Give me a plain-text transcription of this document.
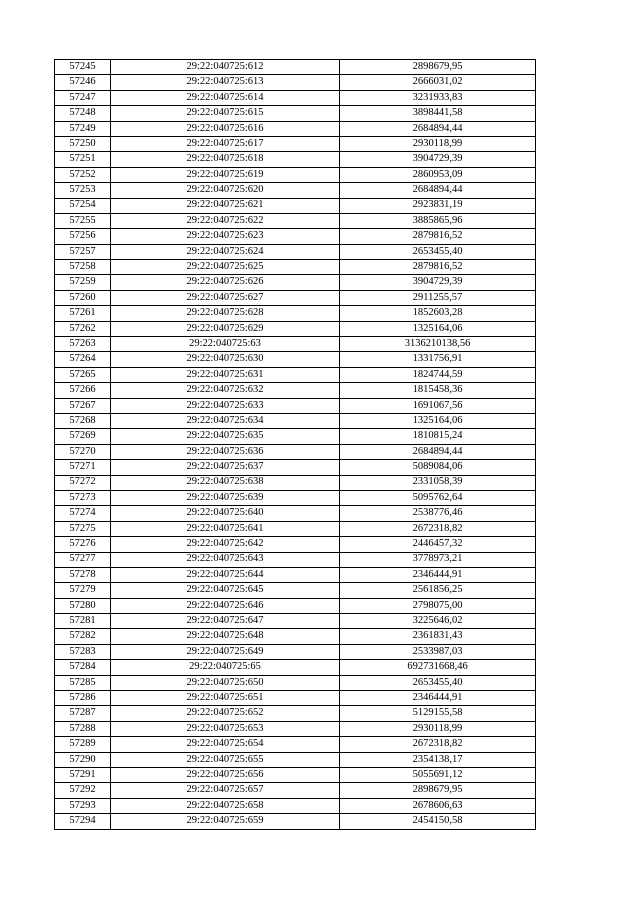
57245	29:22:040725:612	2898679,95
57246	29:22:040725:613	2666031,02
57247	29:22:040725:614	3231933,83
57248	29:22:040725:615	3898441,58
57249	29:22:040725:616	2684894,44
57250	29:22:040725:617	2930118,99
57251	29:22:040725:618	3904729,39
57252	29:22:040725:619	2860953,09
57253	29:22:040725:620	2684894,44
57254	29:22:040725:621	2923831,19
57255	29:22:040725:622	3885865,96
57256	29:22:040725:623	2879816,52
57257	29:22:040725:624	2653455,40
57258	29:22:040725:625	2879816,52
57259	29:22:040725:626	3904729,39
57260	29:22:040725:627	2911255,57
57261	29:22:040725:628	1852603,28
57262	29:22:040725:629	1325164,06
57263	29:22:040725:63	3136210138,56
57264	29:22:040725:630	1331756,91
57265	29:22:040725:631	1824744,59
57266	29:22:040725:632	1815458,36
57267	29:22:040725:633	1691067,56
57268	29:22:040725:634	1325164,06
57269	29:22:040725:635	1810815,24
57270	29:22:040725:636	2684894,44
57271	29:22:040725:637	5089084,06
57272	29:22:040725:638	2331058,39
57273	29:22:040725:639	5095762,64
57274	29:22:040725:640	2538776,46
57275	29:22:040725:641	2672318,82
57276	29:22:040725:642	2446457,32
57277	29:22:040725:643	3778973,21
57278	29:22:040725:644	2346444,91
57279	29:22:040725:645	2561856,25
57280	29:22:040725:646	2798075,00
57281	29:22:040725:647	3225646,02
57282	29:22:040725:648	2361831,43
57283	29:22:040725:649	2533987,03
57284	29:22:040725:65	692731668,46
57285	29:22:040725:650	2653455,40
57286	29:22:040725:651	2346444,91
57287	29:22:040725:652	5129155,58
57288	29:22:040725:653	2930118,99
57289	29:22:040725:654	2672318,82
57290	29:22:040725:655	2354138,17
57291	29:22:040725:656	5055691,12
57292	29:22:040725:657	2898679,95
57293	29:22:040725:658	2678606,63
57294	29:22:040725:659	2454150,58
